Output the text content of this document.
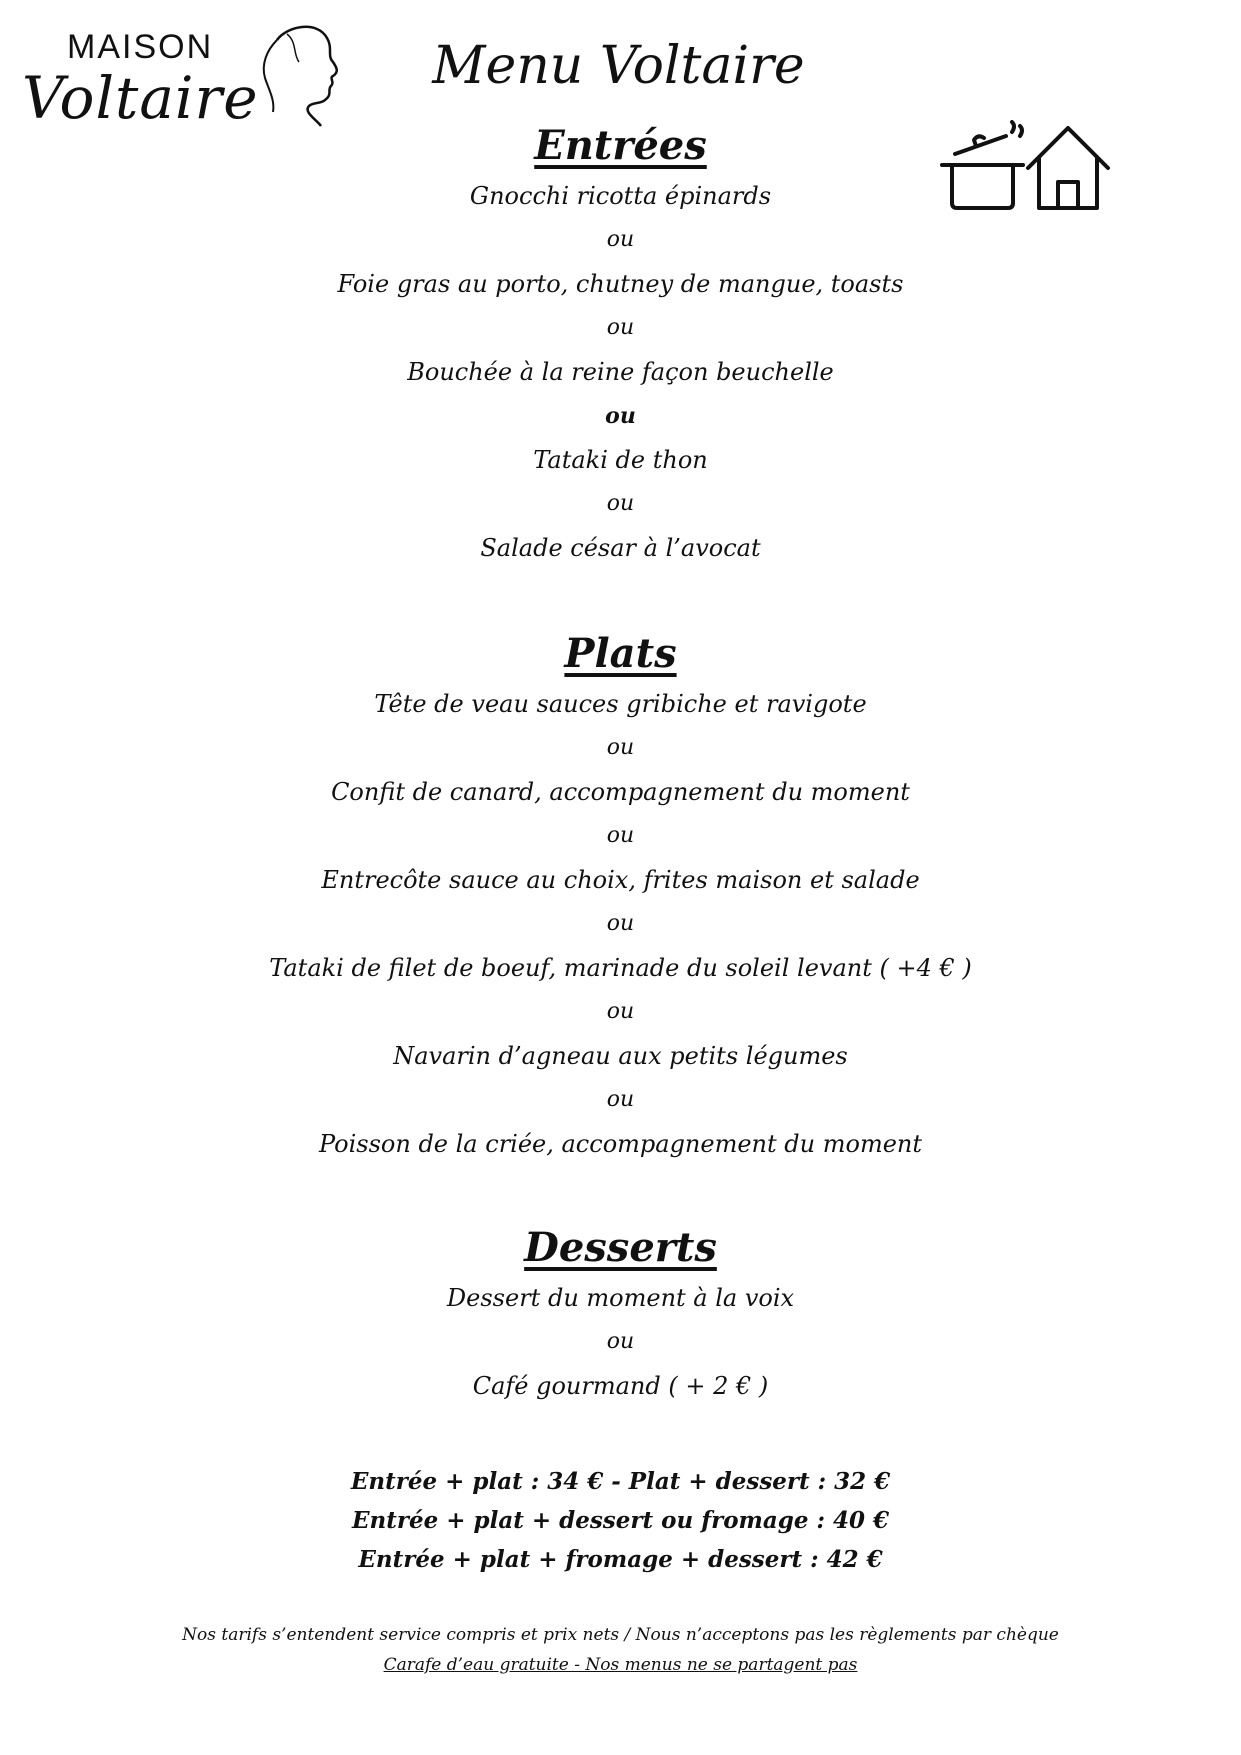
MAISON
Voltaire	Menu Voltaire

Entrées

Gnocchi ricotta épinards

ou

Foie gras au porto, chutney de mangue, toasts

ou

Bouchée à la reine façon beuchelle

ou

Tataki de thon

ou

Salade césar à l’avocat

Plats

Tête de veau sauces gribiche et ravigote

ou

Confit de canard, accompagnement du moment

ou

Entrecôte sauce au choix, frites maison et salade

ou

Tataki de filet de boeuf, marinade du soleil levant ( +4 € )

ou

Navarin d’agneau aux petits légumes

ou

Poisson de la criée, accompagnement du moment

Desserts

Dessert du moment à la voix

ou

Café gourmand ( + 2 € )

Entrée + plat : 34 € - Plat + dessert : 32 €

Entrée + plat + dessert ou fromage : 40 €

Entrée + plat + fromage + dessert : 42 €

Nos tarifs s’entendent service compris et prix nets / Nous n’acceptons pas les règlements par chèque

Carafe d’eau gratuite - Nos menus ne se partagent pas
